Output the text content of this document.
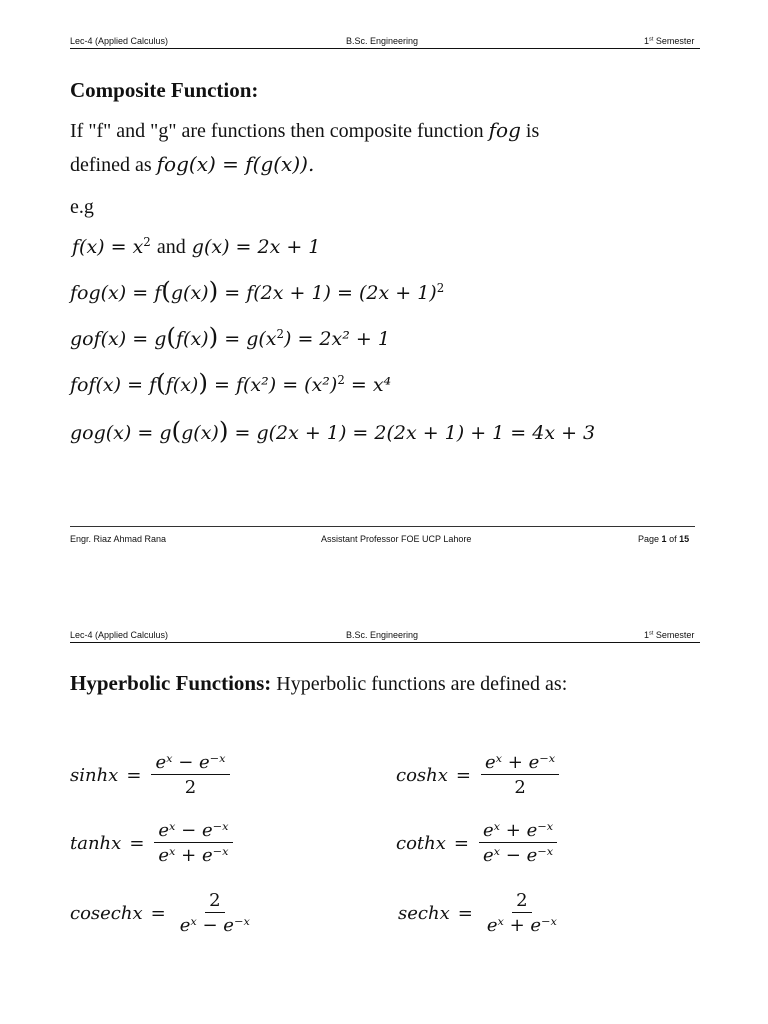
Lec-4 (Applied Calculus)	B.Sc. Engineering	1st Semester
Composite Function:
If "f" and "g" are functions then composite function fog is
defined as fog(x) = f(g(x)).
e.g
$f(x) = x^2$ and g(x) = 2x + 1
$fog(x) = f(g(x)) = f(2x + 1) = (2x + 1)^2$
$gof(x) = g(f(x)) = g(x^2) = 2x^2 + 1$
$fof(x) = f(f(x)) = f(x^2) = (x^2)^2 = x^4$
gog(x) = g(g(x)) = g(2x + 1) = 2(2x + 1) + 1 = 4x + 3
Engr. Riaz Ahmad Rana	Assistant Professor FOE UCP Lahore	Page 1 of 15
Lec-4 (Applied Calculus)	B.Sc. Engineering	1st Semester
Hyperbolic Functions: Hyperbolic functions are defined as:
$\sinh x = \frac{\text{eˣ − e⁻ˣ}}{2}$	$\cosh x = \frac{\text{eˣ + e⁻ˣ}}{2}$
$\tanh x = \frac{\text{eˣ − e⁻ˣ}}{\text{eˣ + e⁻ˣ}}$	cothx = $\frac{\text{eˣ + e⁻ˣ}}{\text{eˣ − e⁻ˣ}}$
cosechx = $\frac{2}{\text{eˣ − e⁻ˣ}}$	sechx = $\frac{2}{\text{eˣ + e⁻ˣ}}$
